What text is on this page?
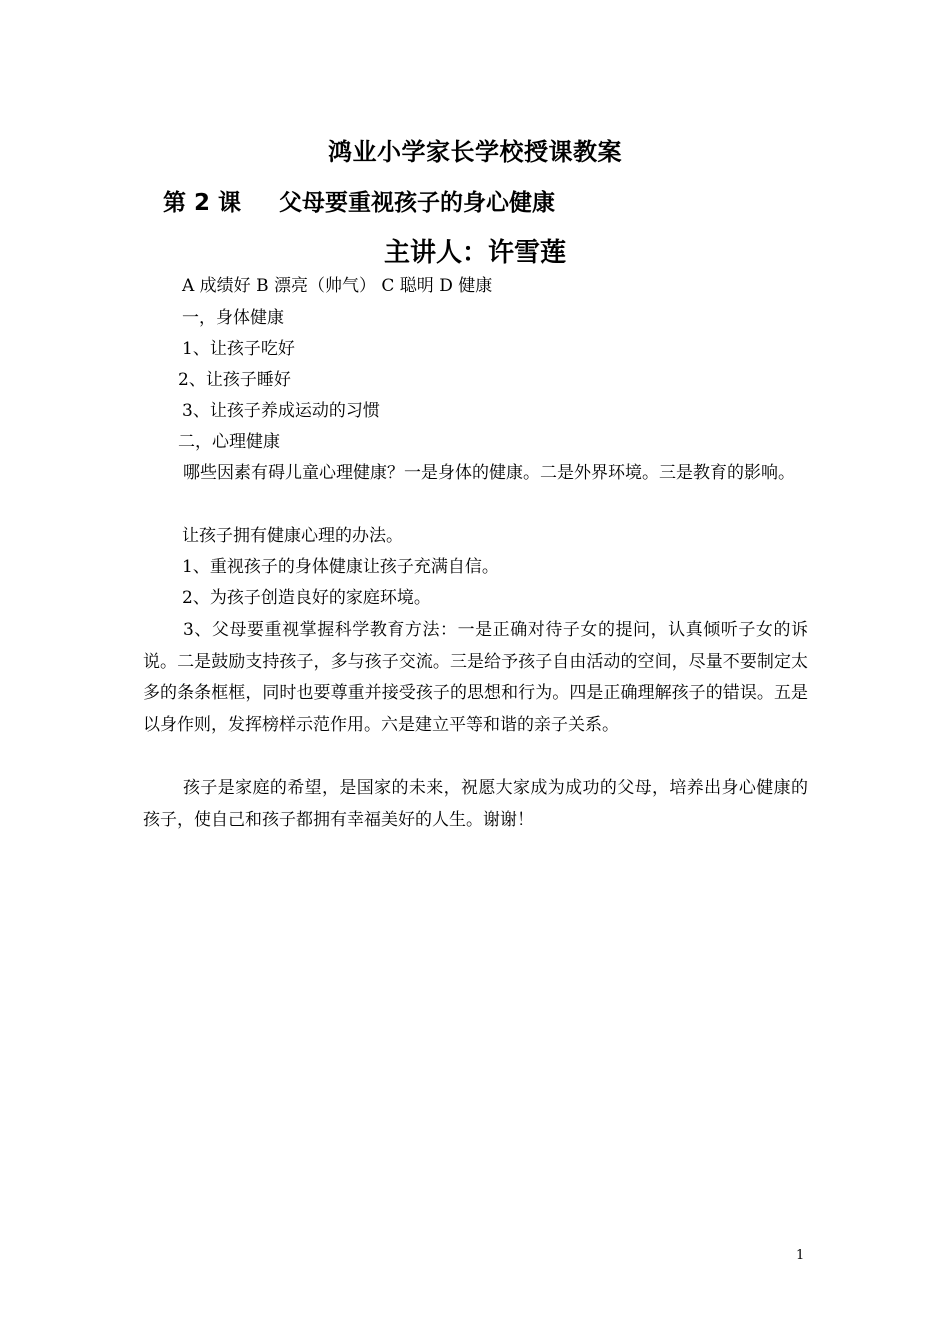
鸿业小学家长学校授课教案
第 2 课 父母要重视孩子的身心健康
主讲人：许雪莲
A 成绩好 B 漂亮（帅气） C 聪明 D 健康
一，身体健康
1、让孩子吃好
2、让孩子睡好
3、让孩子养成运动的习惯
二，心理健康
哪些因素有碍儿童心理健康？一是身体的健康。二是外界环境。三是教育的影响。
让孩子拥有健康心理的办法。
1、重视孩子的身体健康让孩子充满自信。
2、为孩子创造良好的家庭环境。
3、父母要重视掌握科学教育方法：一是正确对待子女的提问，认真倾听子女的诉说。二是鼓励支持孩子，多与孩子交流。三是给予孩子自由活动的空间，尽量不要制定太多的条条框框，同时也要尊重并接受孩子的思想和行为。四是正确理解孩子的错误。五是以身作则，发挥榜样示范作用。六是建立平等和谐的亲子关系。
孩子是家庭的希望，是国家的未来，祝愿大家成为成功的父母，培养出身心健康的孩子，使自己和孩子都拥有幸福美好的人生。谢谢！
1
